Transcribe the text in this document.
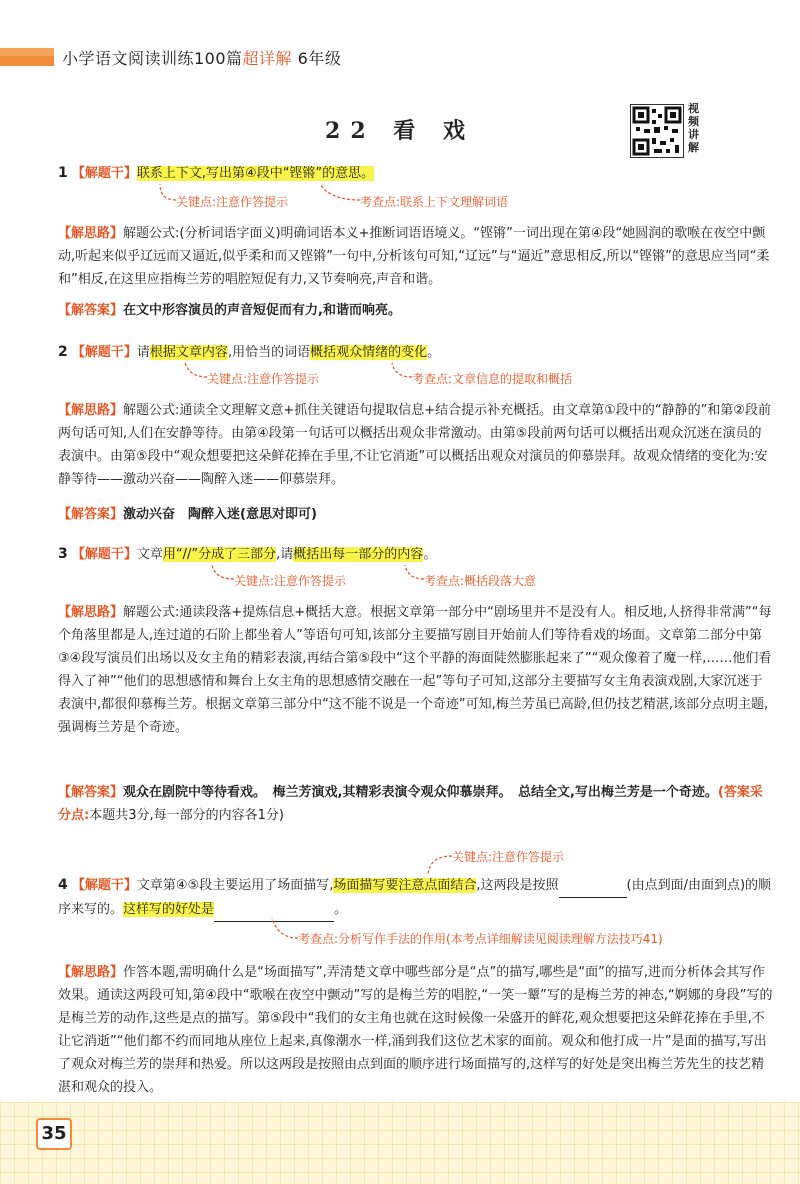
小学语文阅读训练100篇超详解 6年级
22 看 戏
视频讲解
1 【解题干】联系上下文,写出第④段中“铿锵”的意思。
关键点:注意作答提示	考查点:联系上下文理解词语
【解思路】解题公式:(分析词语字面义)明确词语本义+推断词语语境义。“铿锵”一词出现在第④段“她圆润的歌喉在夜空中颤动,听起来似乎辽远而又逼近,似乎柔和而又铿锵”一句中,分析该句可知,“辽远”与“逼近”意思相反,所以“铿锵”的意思应当同“柔和”相反,在这里应指梅兰芳的唱腔短促有力,又节奏响亮,声音和谐。
【解答案】在文中形容演员的声音短促而有力,和谐而响亮。
2 【解题干】请根据文章内容,用恰当的词语概括观众情绪的变化。
关键点:注意作答提示	考查点:文章信息的提取和概括
【解思路】解题公式:通读全文理解文意+抓住关键语句提取信息+结合提示补充概括。由文章第①段中的“静静的”和第②段前两句话可知,人们在安静等待。由第④段第一句话可以概括出观众非常激动。由第⑤段前两句话可以概括出观众沉迷在演员的表演中。由第⑤段中“观众想要把这朵鲜花捧在手里,不让它消逝”可以概括出观众对演员的仰慕崇拜。故观众情绪的变化为:安静等待——激动兴奋——陶醉入迷——仰慕崇拜。
【解答案】激动兴奋　陶醉入迷(意思对即可)
3 【解题干】文章用“//”分成了三部分,请概括出每一部分的内容。
关键点:注意作答提示	考查点:概括段落大意
【解思路】解题公式:通读段落+提炼信息+概括大意。根据文章第一部分中“剧场里并不是没有人。相反地,人挤得非常满”“每个角落里都是人,连过道的石阶上都坐着人”等语句可知,该部分主要描写剧目开始前人们等待看戏的场面。文章第二部分中第③④段写演员们出场以及女主角的精彩表演,再结合第⑤段中“这个平静的海面陡然膨胀起来了”“观众像着了魔一样,……他们看得入了神”“他们的思想感情和舞台上女主角的思想感情交融在一起”等句子可知,这部分主要描写女主角表演戏剧,大家沉迷于表演中,都很仰慕梅兰芳。根据文章第三部分中“这不能不说是一个奇迹”可知,梅兰芳虽已高龄,但仍技艺精湛,该部分点明主题,强调梅兰芳是个奇迹。
【解答案】观众在剧院中等待看戏。　梅兰芳演戏,其精彩表演令观众仰慕崇拜。　总结全文,写出梅兰芳是一个奇迹。(答案采分点:本题共3分,每一部分的内容各1分)
关键点:注意作答提示
4 【解题干】文章第④⑤段主要运用了场面描写,场面描写要注意点面结合,这两段是按照	(由点到面/由面到点)的顺序来写的。这样写的好处是	。
考查点:分析写作手法的作用(本考点详细解读见阅读理解方法技巧41)
【解思路】作答本题,需明确什么是“场面描写”,弄清楚文章中哪些部分是“点”的描写,哪些是“面”的描写,进而分析体会其写作效果。通读这两段可知,第④段中“歌喉在夜空中颤动”写的是梅兰芳的唱腔,“一笑一颦”写的是梅兰芳的神态,“婀娜的身段”写的是梅兰芳的动作,这些是点的描写。第⑤段中“我们的女主角也就在这时候像一朵盛开的鲜花,观众想要把这朵鲜花捧在手里,不让它消逝”“他们都不约而同地从座位上起来,真像潮水一样,涌到我们这位艺术家的面前。观众和他打成一片”是面的描写,写出了观众对梅兰芳的崇拜和热爱。所以这两段是按照由点到面的顺序进行场面描写的,这样写的好处是突出梅兰芳先生的技艺精湛和观众的投入。
35
